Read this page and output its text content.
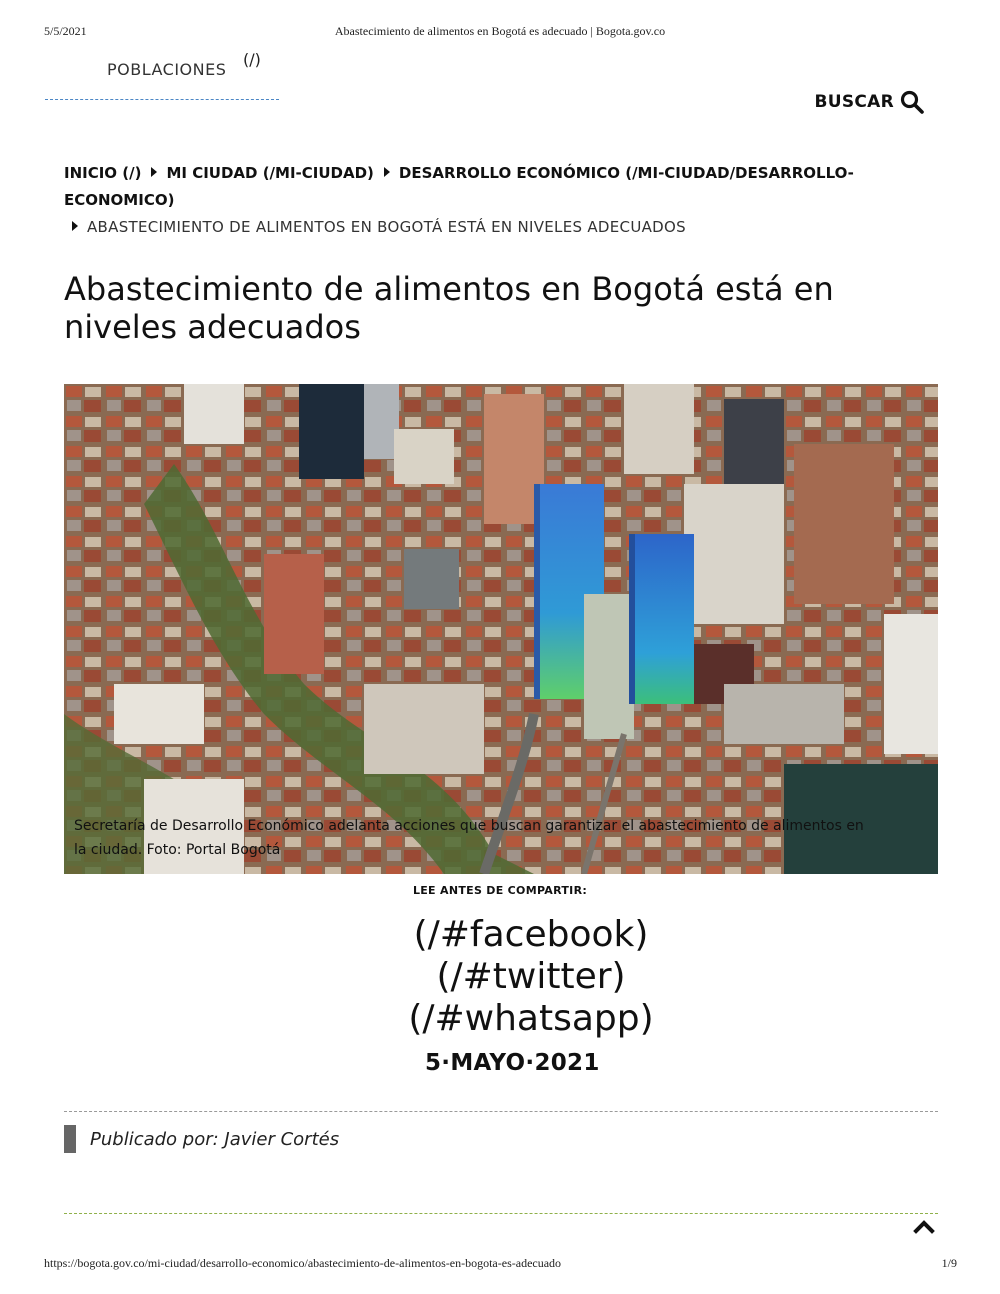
5/5/2021	Abastecimiento de alimentos en Bogotá es adecuado | Bogota.gov.co
POBLACIONES
(/)
BUSCAR
INICIO (/) MI CIUDAD (/MI-CIUDAD) DESARROLLO ECONÓMICO (/MI-CIUDAD/DESARROLLO-ECONOMICO)
ABASTECIMIENTO DE ALIMENTOS EN BOGOTÁ ESTÁ EN NIVELES ADECUADOS
Abastecimiento de alimentos en Bogotá está en niveles adecuados
Secretaría de Desarrollo Económico adelanta acciones que buscan garantizar el abastecimiento de alimentos en la ciudad. Foto: Portal Bogotá
LEE ANTES DE COMPARTIR:
(/#facebook)
(/#twitter)
(/#whatsapp)
5·MAYO·2021
Publicado por: Javier Cortés
https://bogota.gov.co/mi-ciudad/desarrollo-economico/abastecimiento-de-alimentos-en-bogota-es-adecuado	1/9
